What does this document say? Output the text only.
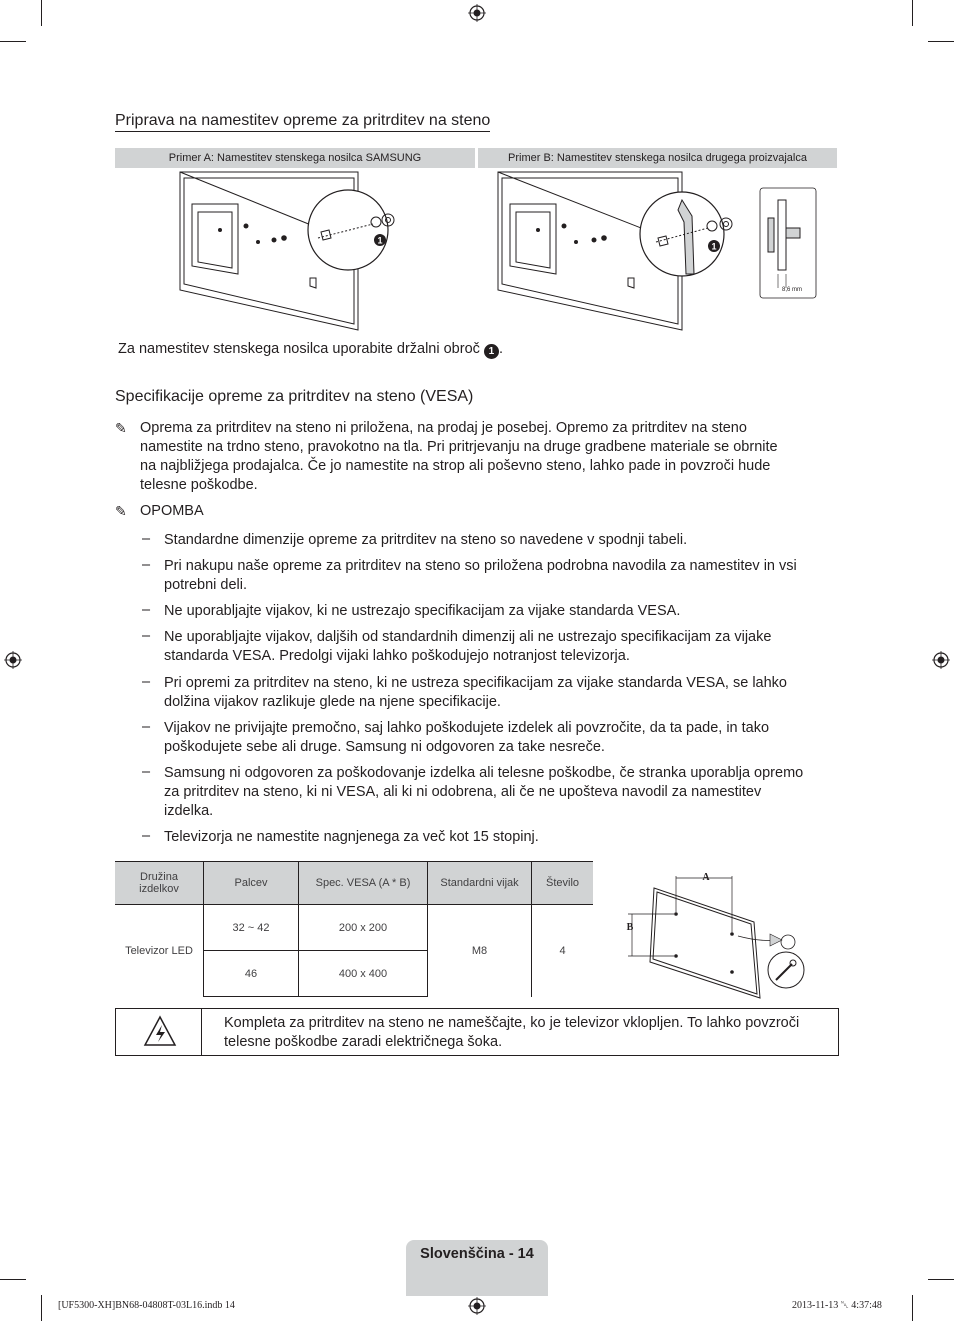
Priprava na namestitev opreme za pritrditev na steno
Primer A: Namestitev stenskega nosilca SAMSUNG	Primer B: Namestitev stenskega nosilca drugega proizvajalca
1
1
8,6 mm
Za namestitev stenskega nosilca uporabite držalni obroč 1 .
Specifikacije opreme za pritrditev na steno (VESA)
✎ Oprema za pritrditev na steno ni priložena, na prodaj je posebej. Opremo za pritrditev na steno
namestite na trdno steno, pravokotno na tla. Pri pritrjevanju na druge gradbene materiale se obrnite
na najbližjega prodajalca. Če jo namestite na strop ali poševno steno, lahko pade in povzroči hude
telesne poškodbe.
✎ OPOMBA
– Standardne dimenzije opreme za pritrditev na steno so navedene v spodnji tabeli.
– Pri nakupu naše opreme za pritrditev na steno so priložena podrobna navodila za namestitev in vsi
potrebni deli.
– Ne uporabljajte vijakov, ki ne ustrezajo specifikacijam za vijake standarda VESA.
– Ne uporabljajte vijakov, daljših od standardnih dimenzij ali ne ustrezajo specifikacijam za vijake
standarda VESA. Predolgi vijaki lahko poškodujejo notranjost televizorja.
– Pri opremi za pritrditev na steno, ki ne ustreza specifikacijam za vijake standarda VESA, se lahko
dolžina vijakov razlikuje glede na njene specifikacije.
– Vijakov ne privijajte premočno, saj lahko poškodujete izdelek ali povzročite, da ta pade, in tako
poškodujete sebe ali druge. Samsung ni odgovoren za take nesreče.
– Samsung ni odgovoren za poškodovanje izdelka ali telesne poškodbe, če stranka uporablja opremo
za pritrditev na steno, ki ni VESA, ali ki ni odobrena, ali če ne upošteva navodil za namestitev
izdelka.
– Televizorja ne namestite nagnjenega za več kot 15 stopinj.
Družina izdelkov	Palcev	Spec. VESA (A * B)	Standardni vijak	Število
Televizor LED	32 ~ 42	200 x 200	M8	4
	46	400 x 400		
A
B
Kompleta za pritrditev na steno ne nameščajte, ko je televizor vklopljen. To lahko povzroči
telesne poškodbe zaradi električnega šoka.
Slovenščina - 14
[UF5300-XH]BN68-04808T-03L16.indb 14	2013-11-13 ␀ 4:37:48
